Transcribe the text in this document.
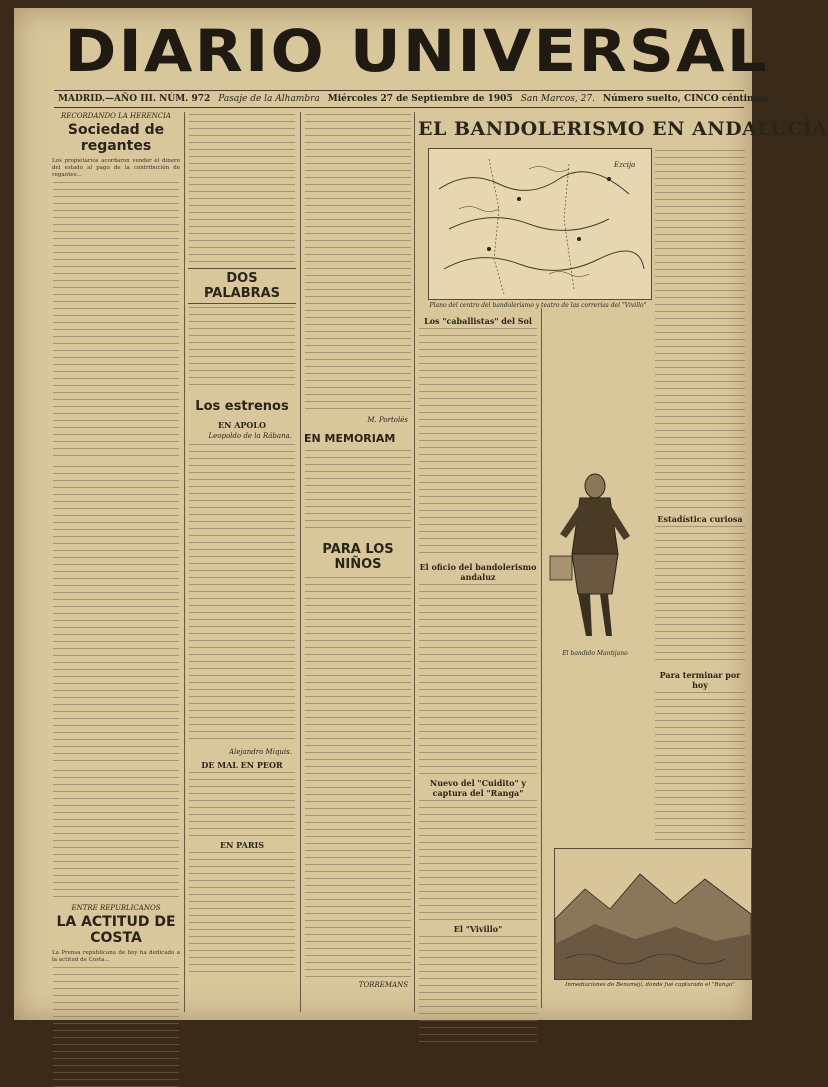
DIARIO UNIVERSAL
MADRID.—AÑO III. NÚM. 972 Pasaje de la Alhambra Miércoles 27 de Septiembre de 1905 San Marcos, 27. Número suelto, CINCO céntimos
RECORDANDO LA HERENCIA
Sociedad de regantes
Los propietarios acordaron vender el dinero del estado al pago de la contribución de regantes...
ENTRE REPUBLICANOS
LA ACTITUD DE COSTA
La Prensa republicana de hoy ha dedicado a la actitud de Costa...
DOS PALABRAS
Los estrenos
EN APOLO
Leopoldo de la Rábana.
Alejandro Miquis.
DE MAL EN PEOR
EN PARIS
M. Portolés
EN MEMORIAM
PARA LOS NIÑOS
TORREMANS
EL BANDOLERISMO EN ANDALUCÍA
Ezcija
Plano del centro del bandolerismo y teatro de las correrías del "Vivillo"
Los "caballistas" del Sol
El oficio del bandolerismo andaluz
Nuevo del "Cuidito" y captura del "Ranga"
El "Vivillo"
Estadística curiosa
Para terminar por hoy
El bandido Mantijano
Inmediaciones de Benamejí, donde fué capturado el "Ranga"
